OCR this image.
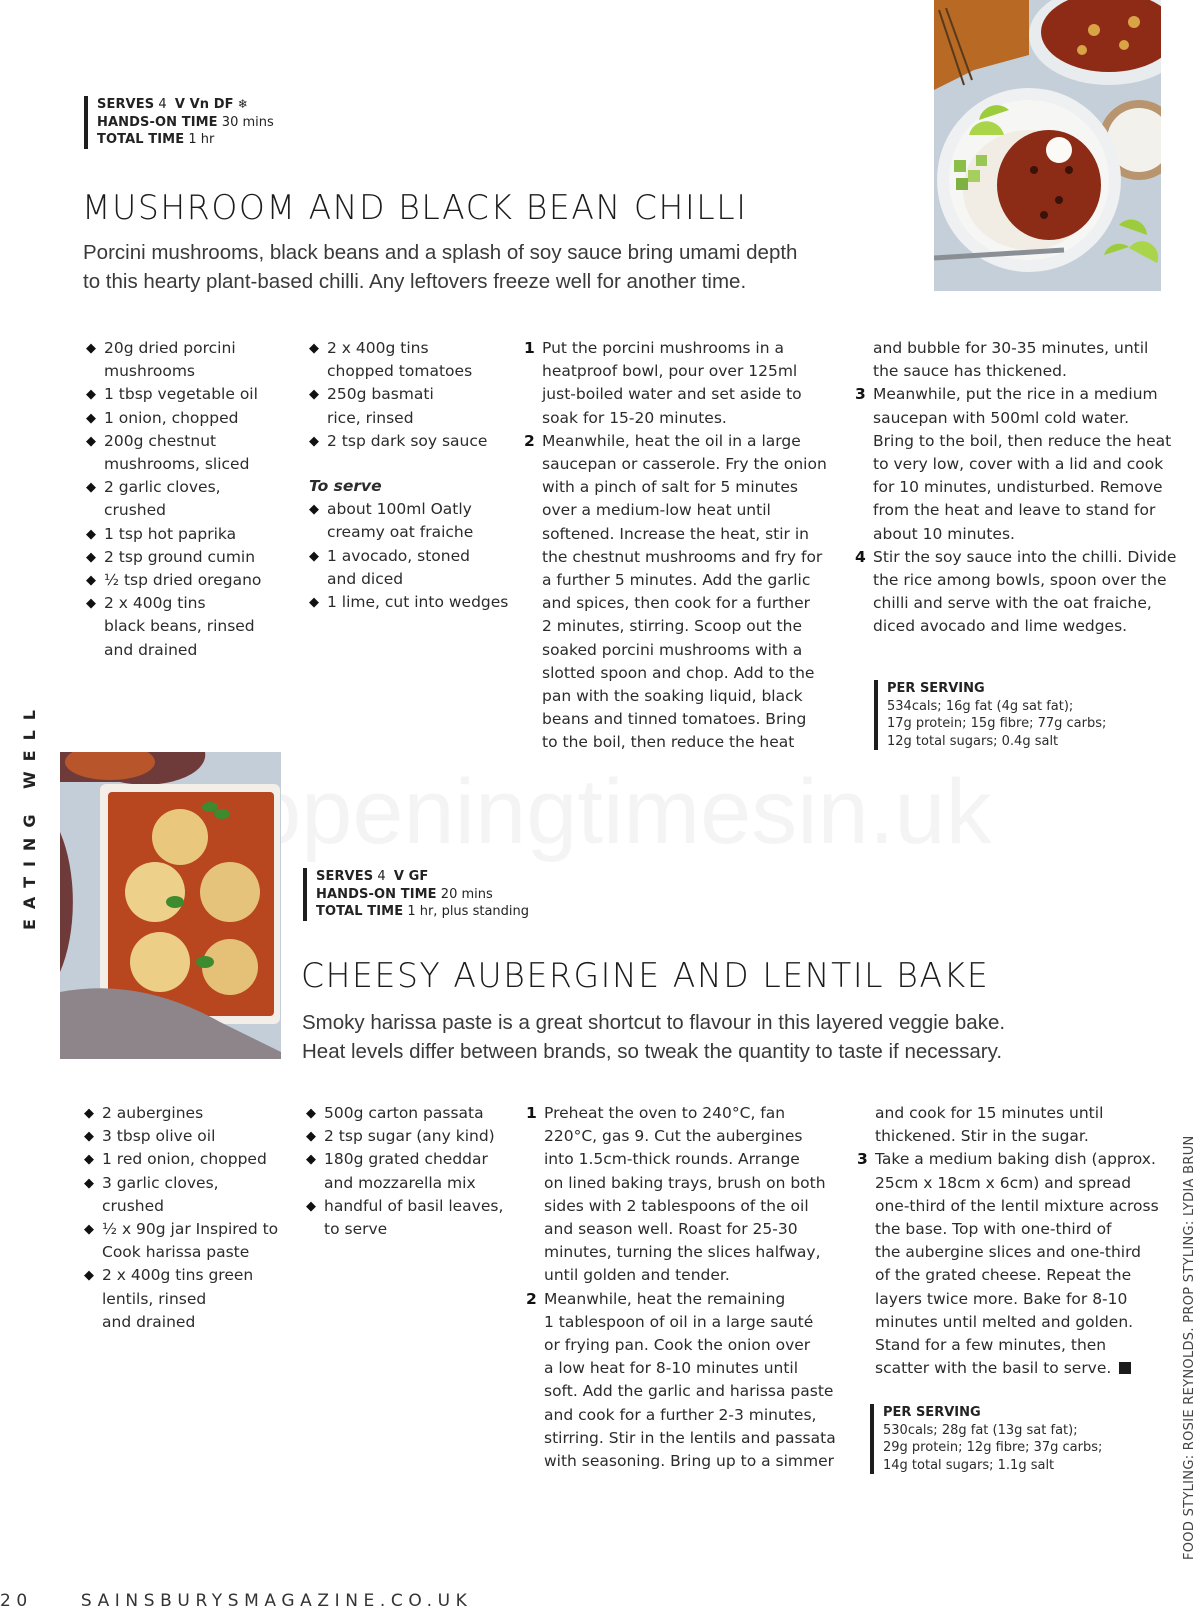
EATING WELL
SERVES 4 V Vn DF ❄
HANDS-ON TIME 30 mins
TOTAL TIME 1 hr
MUSHROOM AND BLACK BEAN CHILLI
Porcini mushrooms, black beans and a splash of soy sauce bring umami depth
to this hearty plant-based chilli. Any leftovers freeze well for another time.
◆ 20g dried porcini
mushrooms
◆ 1 tbsp vegetable oil
◆ 1 onion, chopped
◆ 200g chestnut
mushrooms, sliced
◆ 2 garlic cloves,
crushed
◆ 1 tsp hot paprika
◆ 2 tsp ground cumin
◆ ½ tsp dried oregano
◆ 2 x 400g tins
black beans, rinsed
and drained
◆ 2 x 400g tins
chopped tomatoes
◆ 250g basmati
rice, rinsed
◆ 2 tsp dark soy sauce
To serve
◆ about 100ml Oatly
creamy oat fraiche
◆ 1 avocado, stoned
and diced
◆ 1 lime, cut into wedges
1 Put the porcini mushrooms in a
heatproof bowl, pour over 125ml
just-boiled water and set aside to
soak for 15-20 minutes.
2 Meanwhile, heat the oil in a large
saucepan or casserole. Fry the onion
with a pinch of salt for 5 minutes
over a medium-low heat until
softened. Increase the heat, stir in
the chestnut mushrooms and fry for
a further 5 minutes. Add the garlic
and spices, then cook for a further
2 minutes, stirring. Scoop out the
soaked porcini mushrooms with a
slotted spoon and chop. Add to the
pan with the soaking liquid, black
beans and tinned tomatoes. Bring
to the boil, then reduce the heat
and bubble for 30-35 minutes, until
the sauce has thickened.
3 Meanwhile, put the rice in a medium
saucepan with 500ml cold water.
Bring to the boil, then reduce the heat
to very low, cover with a lid and cook
for 10 minutes, undisturbed. Remove
from the heat and leave to stand for
about 10 minutes.
4 Stir the soy sauce into the chilli. Divide
the rice among bowls, spoon over the
chilli and serve with the oat fraiche,
diced avocado and lime wedges.
PER SERVING
534cals; 16g fat (4g sat fat);
17g protein; 15g fibre; 77g carbs;
12g total sugars; 0.4g salt
SERVES 4 V GF
HANDS-ON TIME 20 mins
TOTAL TIME 1 hr, plus standing
CHEESY AUBERGINE AND LENTIL BAKE
Smoky harissa paste is a great shortcut to flavour in this layered veggie bake.
Heat levels differ between brands, so tweak the quantity to taste if necessary.
◆ 2 aubergines
◆ 3 tbsp olive oil
◆ 1 red onion, chopped
◆ 3 garlic cloves,
crushed
◆ ½ x 90g jar Inspired to
Cook harissa paste
◆ 2 x 400g tins green
lentils, rinsed
and drained
◆ 500g carton passata
◆ 2 tsp sugar (any kind)
◆ 180g grated cheddar
and mozzarella mix
◆ handful of basil leaves,
to serve
1 Preheat the oven to 240°C, fan
220°C, gas 9. Cut the aubergines
into 1.5cm-thick rounds. Arrange
on lined baking trays, brush on both
sides with 2 tablespoons of the oil
and season well. Roast for 25-30
minutes, turning the slices halfway,
until golden and tender.
2 Meanwhile, heat the remaining
1 tablespoon of oil in a large sauté
or frying pan. Cook the onion over
a low heat for 8-10 minutes until
soft. Add the garlic and harissa paste
and cook for a further 2-3 minutes,
stirring. Stir in the lentils and passata
with seasoning. Bring up to a simmer
and cook for 15 minutes until
thickened. Stir in the sugar.
3 Take a medium baking dish (approx.
25cm x 18cm x 6cm) and spread
one-third of the lentil mixture across
the base. Top with one-third of
the aubergine slices and one-third
of the grated cheese. Repeat the
layers twice more. Bake for 8-10
minutes until melted and golden.
Stand for a few minutes, then
scatter with the basil to serve.
PER SERVING
530cals; 28g fat (13g sat fat);
29g protein; 12g fibre; 37g carbs;
14g total sugars; 1.1g salt	FOOD STYLING: ROSIE REYNOLDS. PROP STYLING: LYDIA BRUN
20	SAINSBURYSMAGAZINE.CO.UK
